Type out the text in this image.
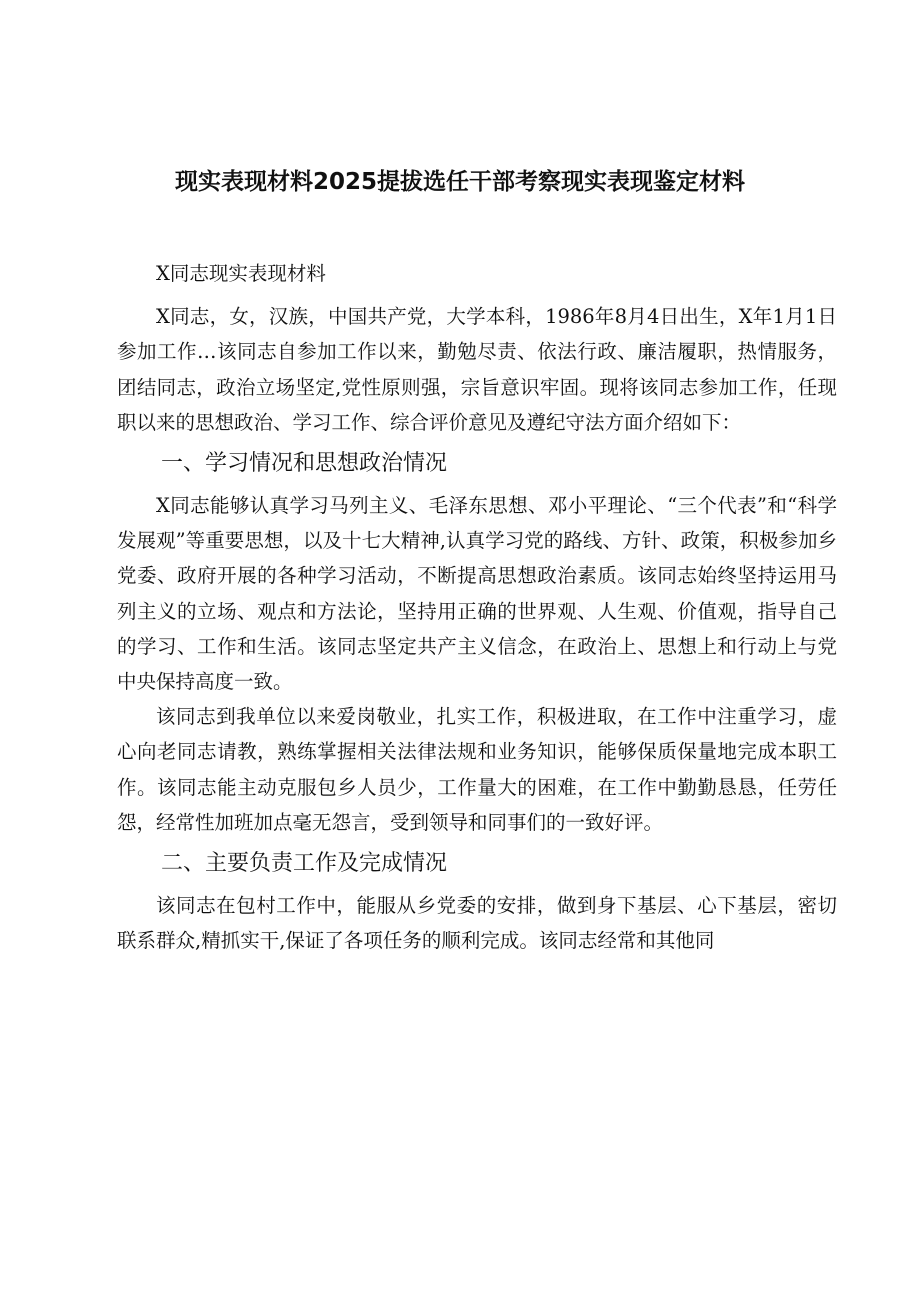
现实表现材料2025提拔选任干部考察现实表现鉴定材料

X同志现实表现材料

X同志，女，汉族，中国共产党，大学本科，1986年8月4日出生，X年1月1日参加工作…该同志自参加工作以来，勤勉尽责、依法行政、廉洁履职，热情服务，团结同志，政治立场坚定,党性原则强，宗旨意识牢固。现将该同志参加工作，任现职以来的思想政治、学习工作、综合评价意见及遵纪守法方面介绍如下：

一、学习情况和思想政治情况

X同志能够认真学习马列主义、毛泽东思想、邓小平理论、“三个代表”和“科学发展观”等重要思想，以及十七大精神,认真学习党的路线、方针、政策，积极参加乡党委、政府开展的各种学习活动，不断提高思想政治素质。该同志始终坚持运用马列主义的立场、观点和方法论，坚持用正确的世界观、人生观、价值观，指导自己的学习、工作和生活。该同志坚定共产主义信念，在政治上、思想上和行动上与党中央保持高度一致。

该同志到我单位以来爱岗敬业，扎实工作，积极进取，在工作中注重学习，虚心向老同志请教，熟练掌握相关法律法规和业务知识，能够保质保量地完成本职工作。该同志能主动克服包乡人员少，工作量大的困难，在工作中勤勤恳恳，任劳任怨，经常性加班加点毫无怨言，受到领导和同事们的一致好评。

二、主要负责工作及完成情况

该同志在包村工作中，能服从乡党委的安排，做到身下基层、心下基层，密切联系群众,精抓实干,保证了各项任务的顺利完成。该同志经常和其他同
